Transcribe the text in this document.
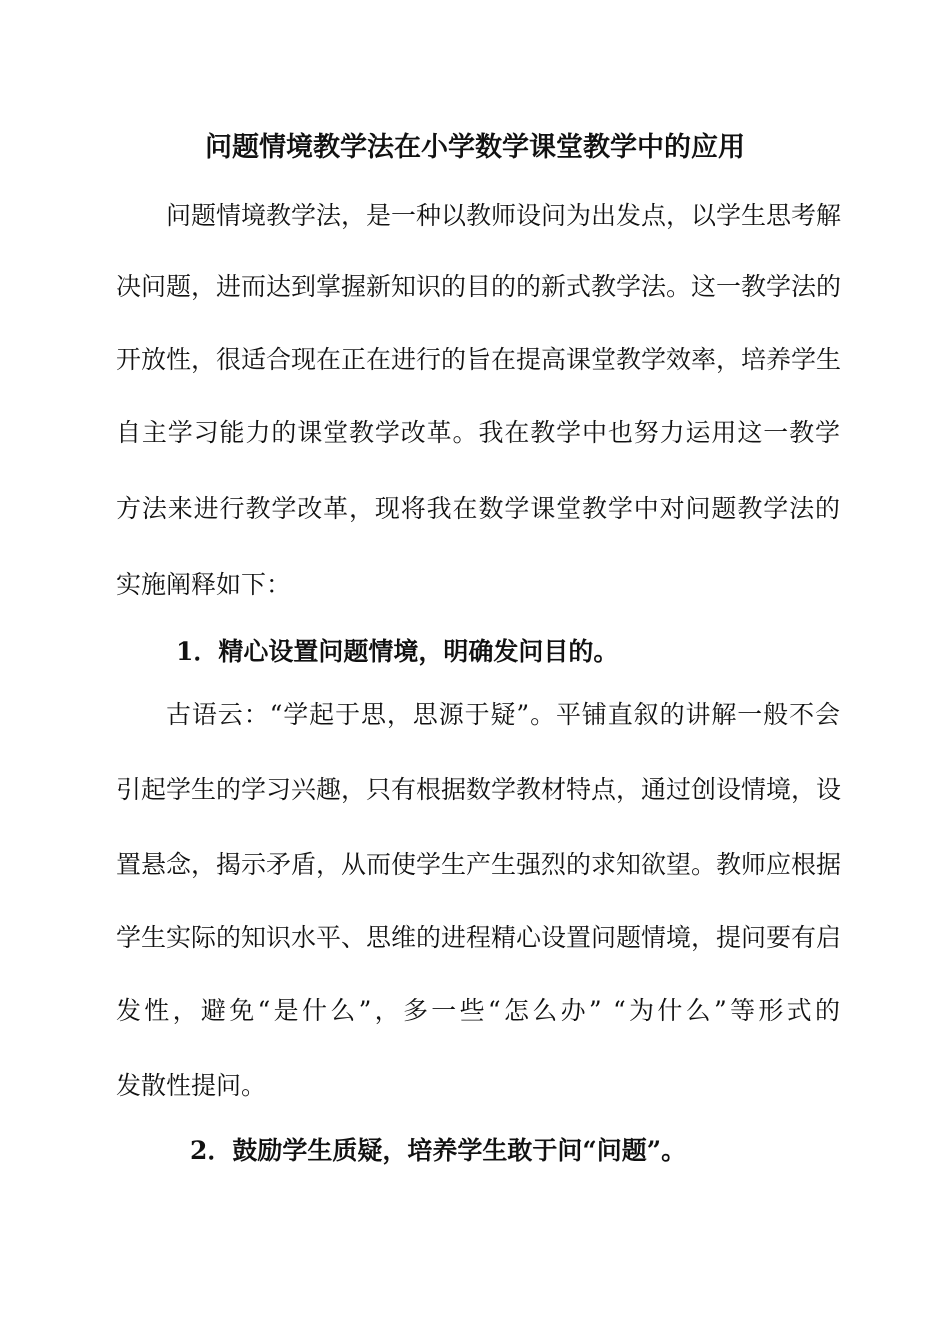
问题情境教学法在小学数学课堂教学中的应用
问题情境教学法，是一种以教师设问为出发点，以学生思考解
决问题，进而达到掌握新知识的目的的新式教学法。这一教学法的
开放性，很适合现在正在进行的旨在提高课堂教学效率，培养学生
自主学习能力的课堂教学改革。我在教学中也努力运用这一教学
方法来进行教学改革，现将我在数学课堂教学中对问题教学法的
实施阐释如下：
1．精心设置问题情境，明确发问目的。
古语云：“学起于思，思源于疑”。平铺直叙的讲解一般不会
引起学生的学习兴趣，只有根据数学教材特点，通过创设情境，设
置悬念，揭示矛盾，从而使学生产生强烈的求知欲望。教师应根据
学生实际的知识水平、思维的进程精心设置问题情境，提问要有启
发性，避免“是什么”，多一些“怎么办” “为什么”等形式的
发散性提问。
2．鼓励学生质疑，培养学生敢于问“问题”。
